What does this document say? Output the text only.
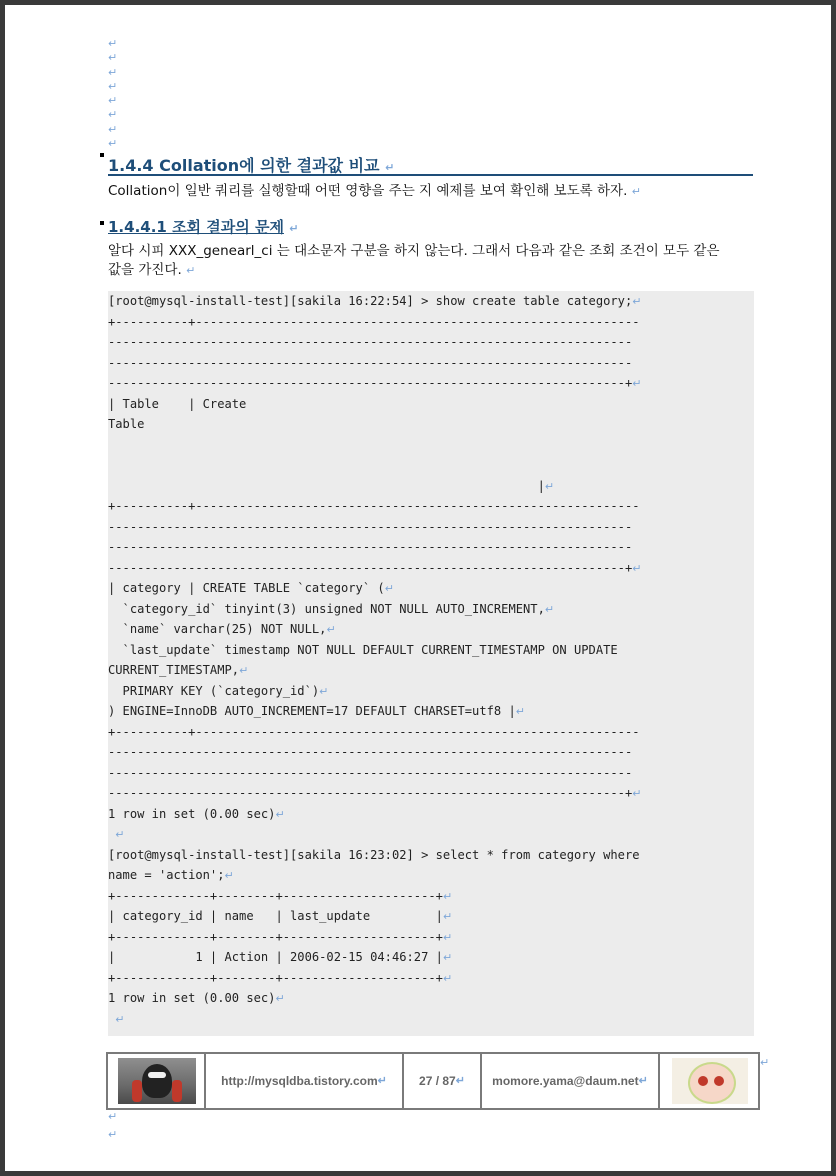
↵
↵
↵
↵
↵
↵
↵
↵
1.4.4 Collation에 의한 결과값 비교 ↵
Collation이 일반 쿼리를 실행할때 어떤 영향을 주는 지 예제를 보여 확인해 보도록 하자. ↵
1.4.4.1 조회 결과의 문제 ↵
알다 시피 XXX_genearl_ci 는 대소문자 구분을 하지 않는다. 그래서 다음과 같은 조회 조건이 모두 같은
값을 가진다. ↵
[root@mysql-install-test][sakila 16:22:54] > show create table category;↵
+----------+-------------------------------------------------------------
------------------------------------------------------------------------
------------------------------------------------------------------------
-----------------------------------------------------------------------+↵
| Table    | Create
Table
|↵
+----------+-------------------------------------------------------------
------------------------------------------------------------------------
------------------------------------------------------------------------
-----------------------------------------------------------------------+↵
| category | CREATE TABLE `category` (↵
`category_id` tinyint(3) unsigned NOT NULL AUTO_INCREMENT,↵
`name` varchar(25) NOT NULL,↵
`last_update` timestamp NOT NULL DEFAULT CURRENT_TIMESTAMP ON UPDATE
CURRENT_TIMESTAMP,↵
PRIMARY KEY (`category_id`)↵
) ENGINE=InnoDB AUTO_INCREMENT=17 DEFAULT CHARSET=utf8 |↵
+----------+-------------------------------------------------------------
------------------------------------------------------------------------
------------------------------------------------------------------------
-----------------------------------------------------------------------+↵
1 row in set (0.00 sec)↵
↵
[root@mysql-install-test][sakila 16:23:02] > select * from category where
name = 'action';↵
+-------------+--------+---------------------+↵
| category_id | name   | last_update         |↵
+-------------+--------+---------------------+↵
|           1 | Action | 2006-02-15 04:46:27 |↵
+-------------+--------+---------------------+↵
1 row in set (0.00 sec)↵
↵
http://mysqldba.tistory.com ↵	27 / 87 ↵ momore.yama@daum.net ↵
↵
↵
↵
